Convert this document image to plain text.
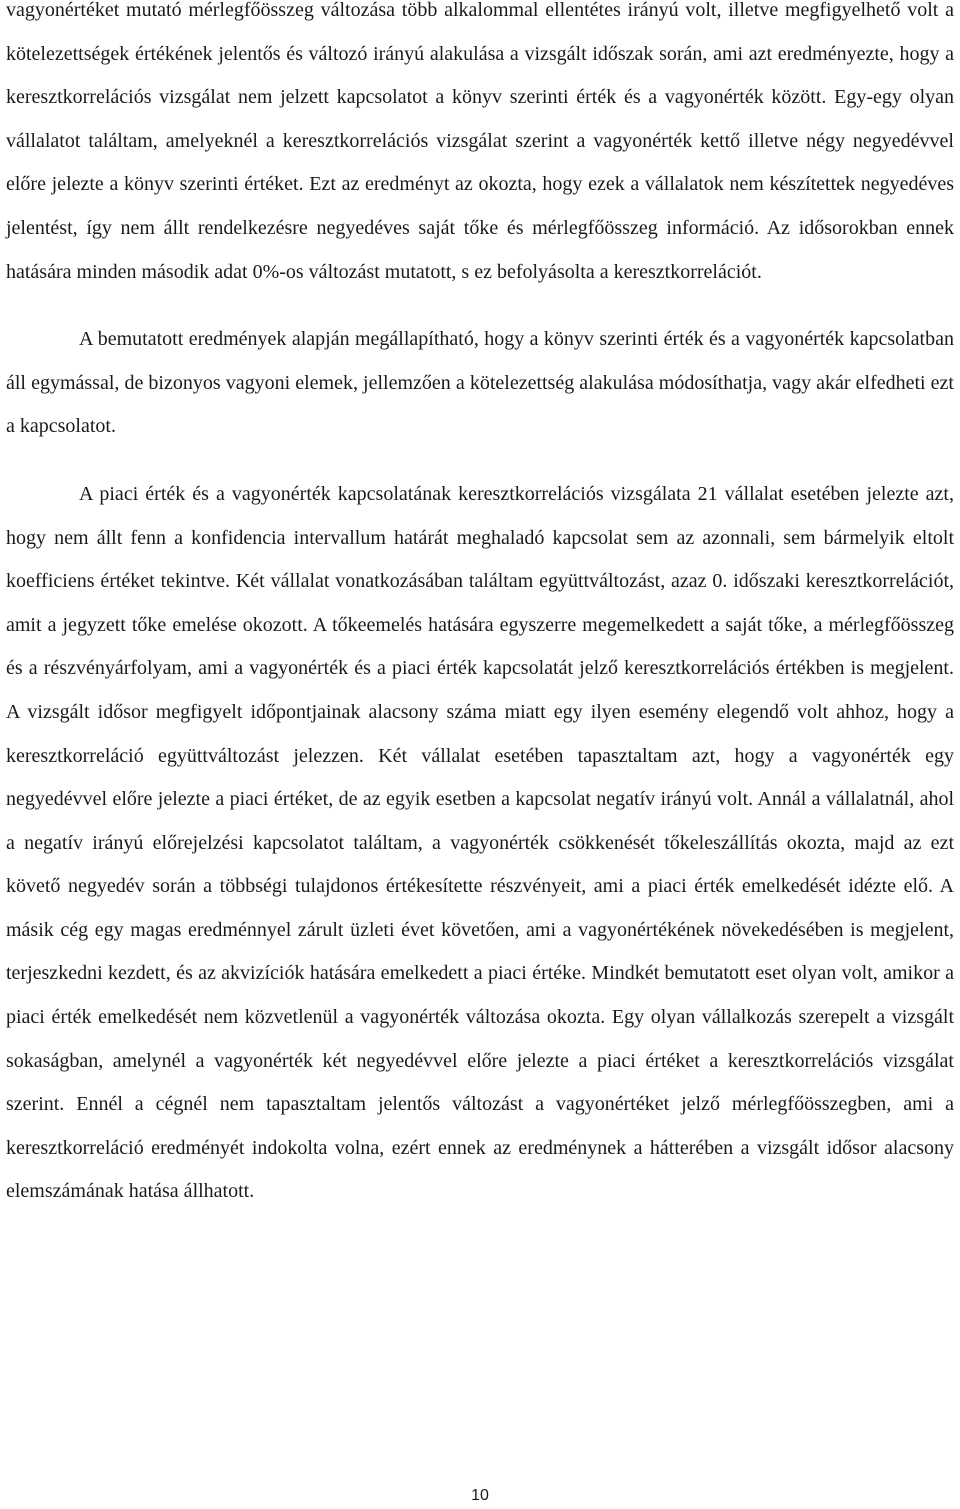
vagyonértéket mutató mérlegfőösszeg változása több alkalommal ellentétes irányú volt, illetve megfigyelhető volt a kötelezettségek értékének jelentős és változó irányú alakulása a vizsgált időszak során, ami azt eredményezte, hogy a keresztkorrelációs vizsgálat nem jelzett kapcsolatot a könyv szerinti érték és a vagyonérték között. Egy-egy olyan vállalatot találtam, amelyeknél a keresztkorrelációs vizsgálat szerint a vagyonérték kettő illetve négy negyedévvel előre jelezte a könyv szerinti értéket. Ezt az eredményt az okozta, hogy ezek a vállalatok nem készítettek negyedéves jelentést, így nem állt rendelkezésre negyedéves saját tőke és mérlegfőösszeg információ. Az idősorokban ennek hatására minden második adat 0%-os változást mutatott, s ez befolyásolta a keresztkorrelációt.

A bemutatott eredmények alapján megállapítható, hogy a könyv szerinti érték és a vagyonérték kapcsolatban áll egymással, de bizonyos vagyoni elemek, jellemzően a kötelezettség alakulása módosíthatja, vagy akár elfedheti ezt a kapcsolatot.

A piaci érték és a vagyonérték kapcsolatának keresztkorrelációs vizsgálata 21 vállalat esetében jelezte azt, hogy nem állt fenn a konfidencia intervallum határát meghaladó kapcsolat sem az azonnali, sem bármelyik eltolt koefficiens értéket tekintve. Két vállalat vonatkozásában találtam együttváltozást, azaz 0. időszaki keresztkorrelációt, amit a jegyzett tőke emelése okozott. A tőkeemelés hatására egyszerre megemelkedett a saját tőke, a mérlegfőösszeg és a részvényárfolyam, ami a vagyonérték és a piaci érték kapcsolatát jelző keresztkorrelációs értékben is megjelent. A vizsgált idősor megfigyelt időpontjainak alacsony száma miatt egy ilyen esemény elegendő volt ahhoz, hogy a keresztkorreláció együttváltozást jelezzen. Két vállalat esetében tapasztaltam azt, hogy a vagyonérték egy negyedévvel előre jelezte a piaci értéket, de az egyik esetben a kapcsolat negatív irányú volt. Annál a vállalatnál, ahol a negatív irányú előrejelzési kapcsolatot találtam, a vagyonérték csökkenését tőkeleszállítás okozta, majd az ezt követő negyedév során a többségi tulajdonos értékesítette részvényeit, ami a piaci érték emelkedését idézte elő. A másik cég egy magas eredménnyel zárult üzleti évet követően, ami a vagyonértékének növekedésében is megjelent, terjeszkedni kezdett, és az akvizíciók hatására emelkedett a piaci értéke. Mindkét bemutatott eset olyan volt, amikor a piaci érték emelkedését nem közvetlenül a vagyonérték változása okozta. Egy olyan vállalkozás szerepelt a vizsgált sokaságban, amelynél a vagyonérték két negyedévvel előre jelezte a piaci értéket a keresztkorrelációs vizsgálat szerint. Ennél a cégnél nem tapasztaltam jelentős változást a vagyonértéket jelző mérlegfőösszegben, ami a keresztkorreláció eredményét indokolta volna, ezért ennek az eredménynek a hátterében a vizsgált idősor alacsony elemszámának hatása állhatott.

10
